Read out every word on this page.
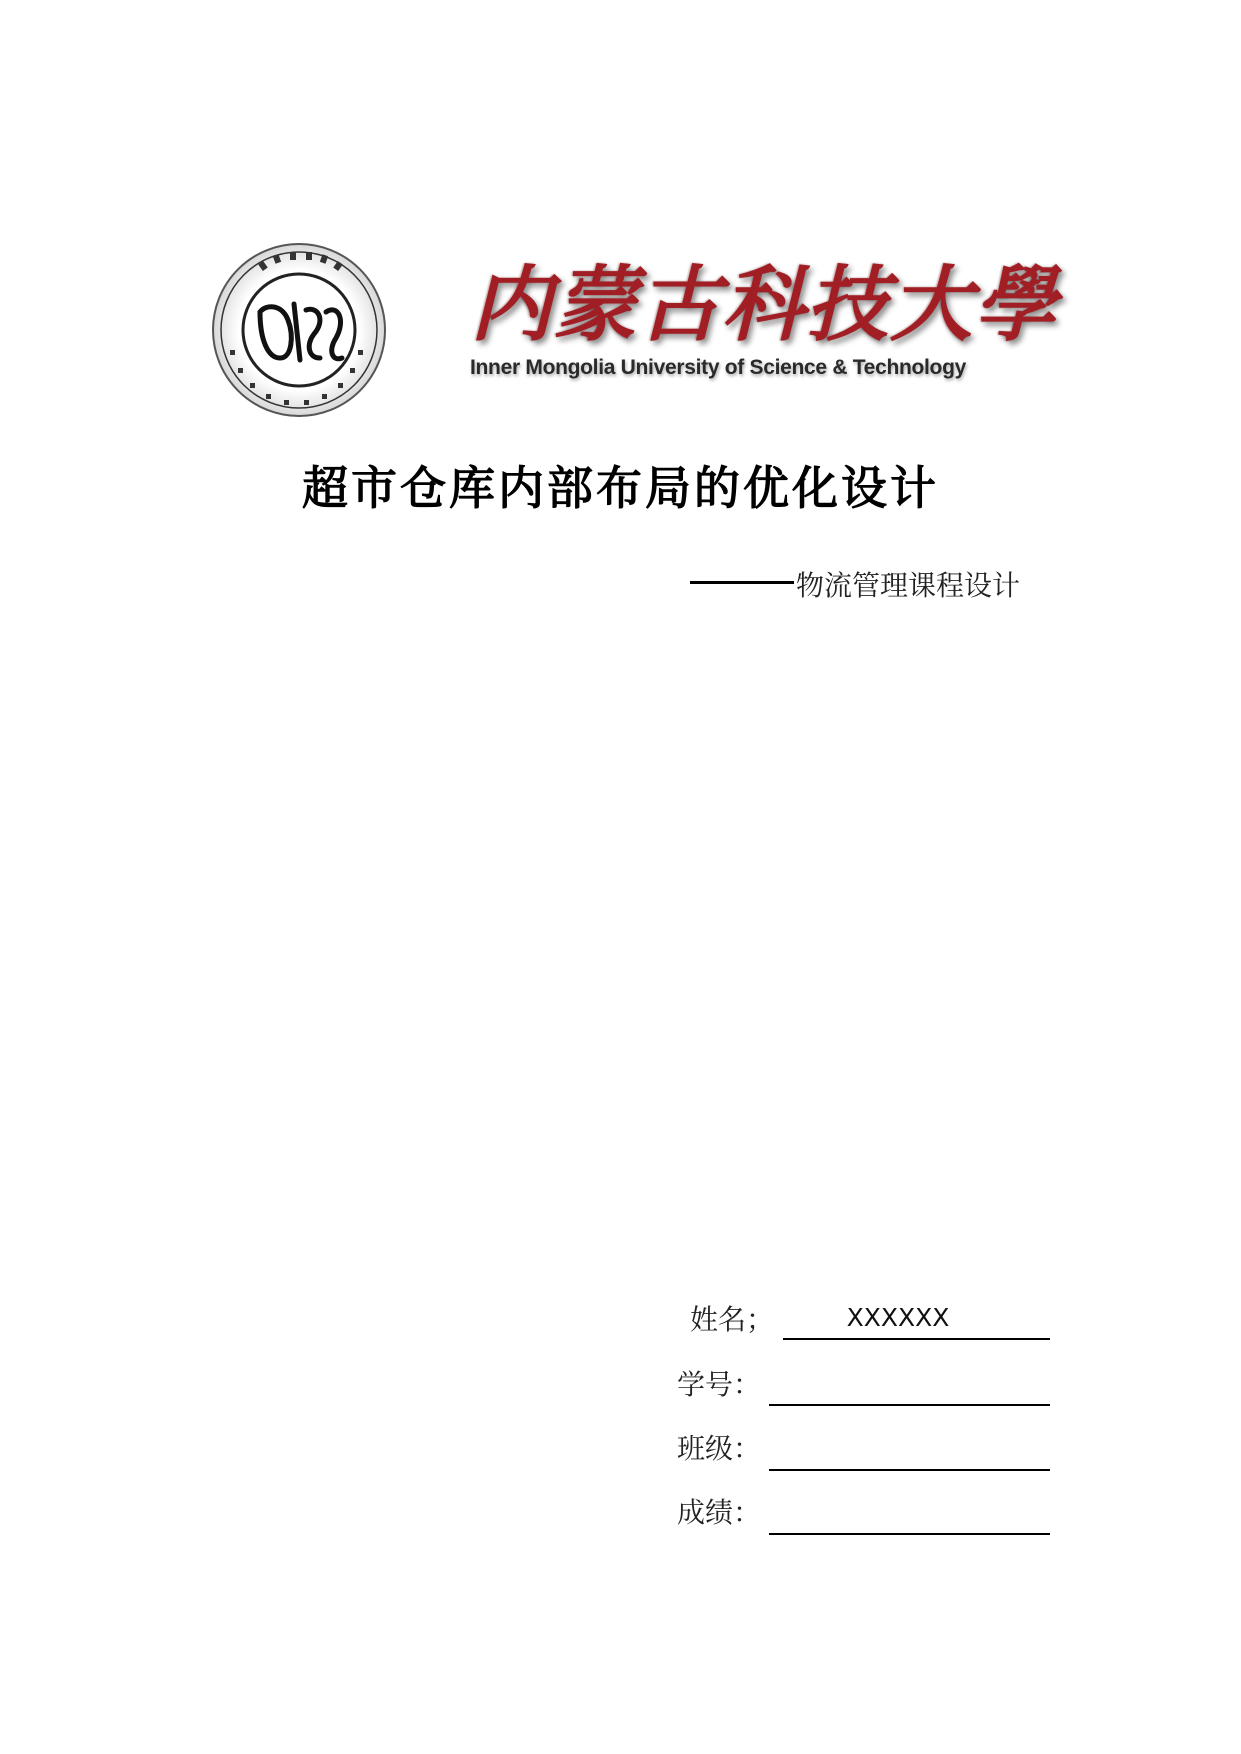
内蒙古科技大學
Inner Mongolia University of Science & Technology
超市仓库内部布局的优化设计
物流管理课程设计
姓名；	XXXXXX
学号：
班级：
成绩：
